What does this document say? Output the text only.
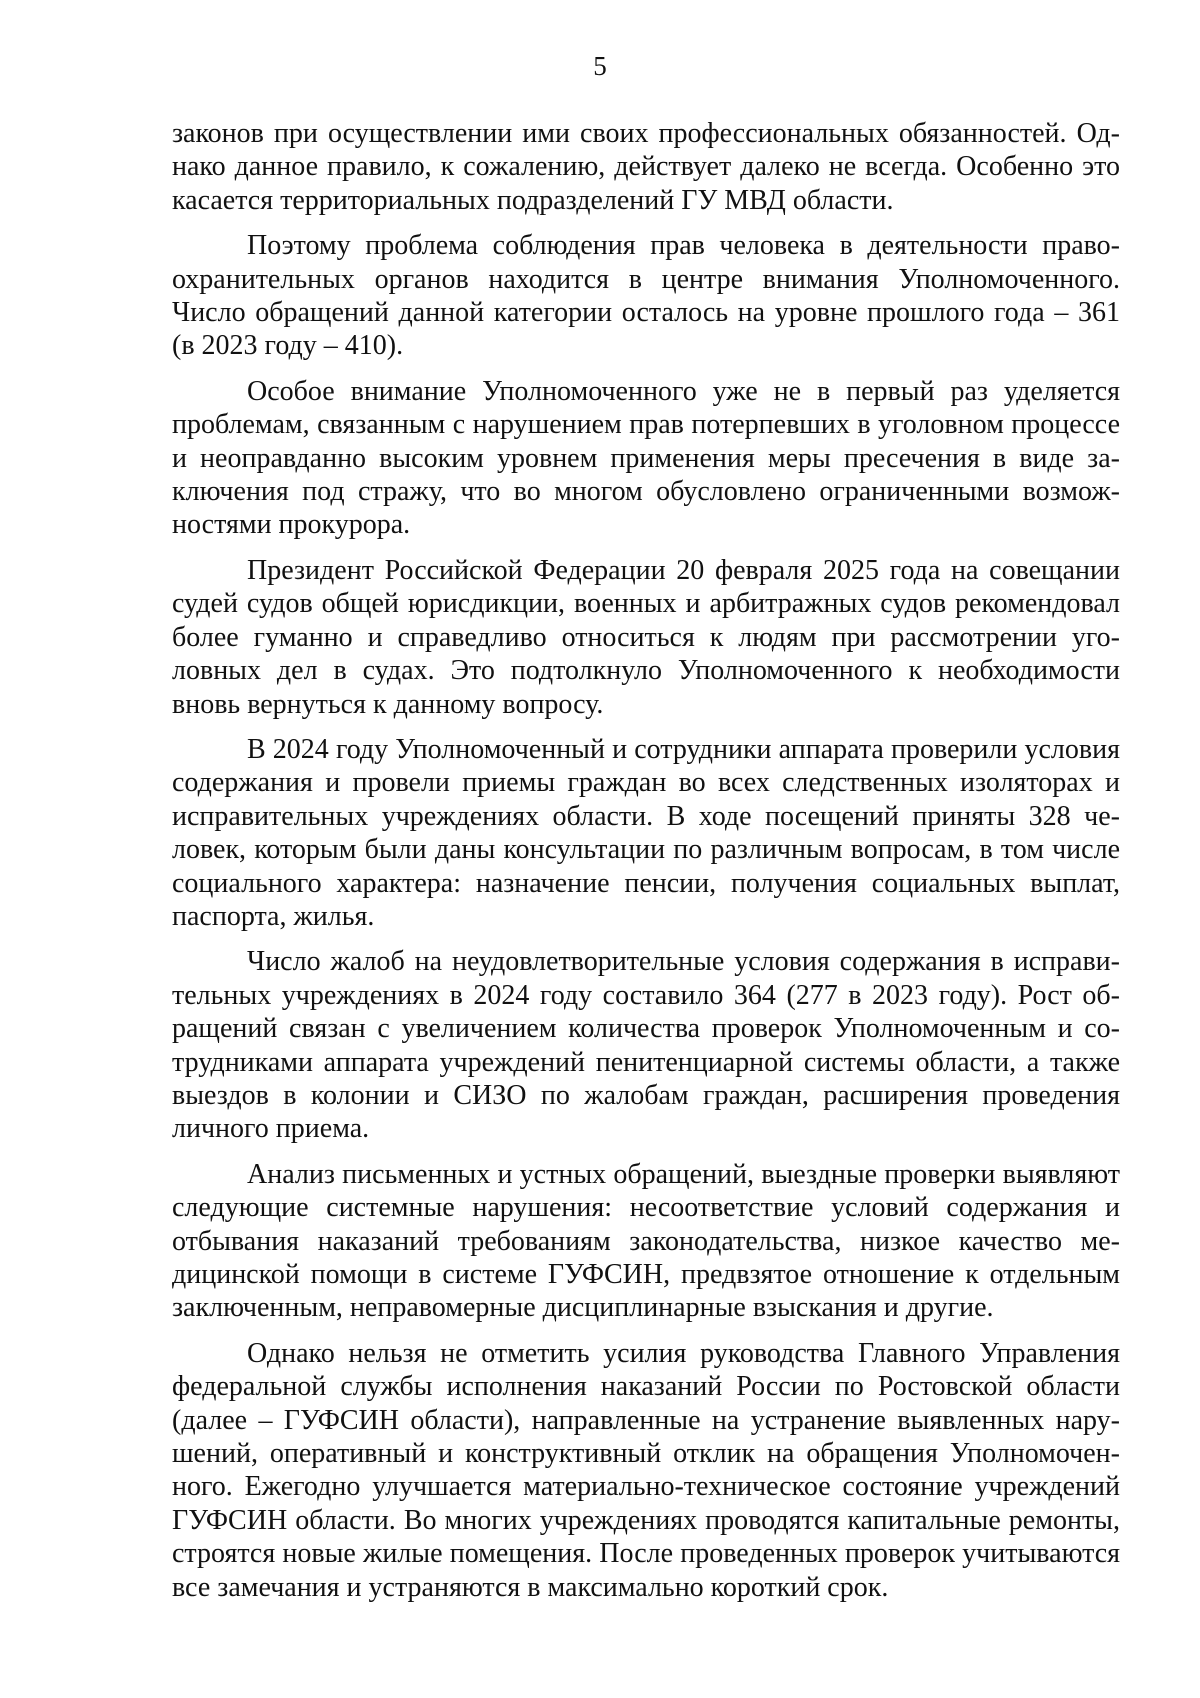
5

законов при осуществлении ими своих профессиональных обязанностей. Однако данное правило, к сожалению, действует далеко не всегда. Особенно это касается территориальных подразделений ГУ МВД области.

Поэтому проблема соблюдения прав человека в деятельности правоохранительных органов находится в центре внимания Уполномоченного. Число обращений данной категории осталось на уровне прошлого года – 361 (в 2023 году – 410).

Особое внимание Уполномоченного уже не в первый раз уделяется проблемам, связанным с нарушением прав потерпевших в уголовном процессе и неоправданно высоким уровнем применения меры пресечения в виде заключения под стражу, что во многом обусловлено ограниченными возможностями прокурора.

Президент Российской Федерации 20 февраля 2025 года на совещании судей судов общей юрисдикции, военных и арбитражных судов рекомендовал более гуманно и справедливо относиться к людям при рассмотрении уголовных дел в судах. Это подтолкнуло Уполномоченного к необходимости вновь вернуться к данному вопросу.

В 2024 году Уполномоченный и сотрудники аппарата проверили условия содержания и провели приемы граждан во всех следственных изоляторах и исправительных учреждениях области. В ходе посещений приняты 328 человек, которым были даны консультации по различным вопросам, в том числе социального характера: назначение пенсии, получения социальных выплат, паспорта, жилья.

Число жалоб на неудовлетворительные условия содержания в исправительных учреждениях в 2024 году составило 364 (277 в 2023 году). Рост обращений связан с увеличением количества проверок Уполномоченным и сотрудниками аппарата учреждений пенитенциарной системы области, а также выездов в колонии и СИЗО по жалобам граждан, расширения проведения личного приема.

Анализ письменных и устных обращений, выездные проверки выявляют следующие системные нарушения: несоответствие условий содержания и отбывания наказаний требованиям законодательства, низкое качество медицинской помощи в системе ГУФСИН, предвзятое отношение к отдельным заключенным, неправомерные дисциплинарные взыскания и другие.

Однако нельзя не отметить усилия руководства Главного Управления федеральной службы исполнения наказаний России по Ростовской области (далее – ГУФСИН области), направленные на устранение выявленных нарушений, оперативный и конструктивный отклик на обращения Уполномоченного. Ежегодно улучшается материально-техническое состояние учреждений ГУФСИН области. Во многих учреждениях проводятся капитальные ремонты, строятся новые жилые помещения. После проведенных проверок учитываются все замечания и устраняются в максимально короткий срок.
